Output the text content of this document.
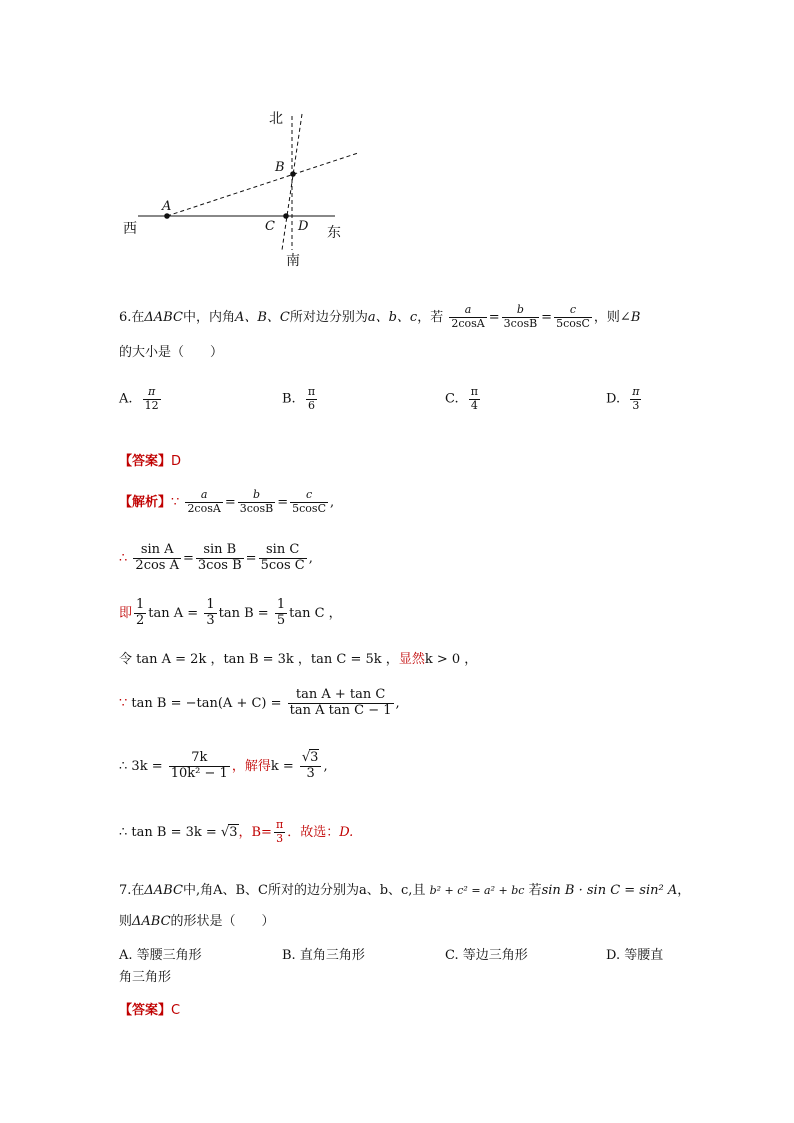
北
B
A
西	C D 东
南
6.在ΔABC中，内角A、B、C所对边分别为a、b、c，若 $\frac{a}{2\cos A} = \frac{b}{3\cos B} = \frac{c}{5\cos C}$ ，则∠B
的大小是（　　）
A. $\frac{\pi}{12}$	B. $\frac{\pi}{6}$	C. $\frac{\pi}{4}$	D. $\frac{\pi}{3}$
【答案】D
【解析】∵ $\frac{a}{2\cos A} = \frac{b}{3\cos B} = \frac{c}{5\cos C}$ ,
∴ $\frac{\text{sin A}}{\text{2cos A}} = \frac{\text{sin B}}{\text{3cos B}} = \frac{\text{sin C}}{\text{5cos C}}$ ,
即 $\frac{1}{2}$ $\tan A = \frac{1}{3}$ $\tan B = \frac{1}{5}$ tan C ，
令 tan A = 2k ，tan B = 3k ，tan C = 5k ，显然k > 0 ，
∵ $\tan B = -\tan(A + C) = \frac{\text{tan A + tan C}}{\text{tan A tan C − 1}}$ ,
∴ $3k = \frac{7k}{\text{10k² − 1}}$ ，解得$k = \frac{√3}{3}$ ,
∴ tan B = 3k = √3，$B= \frac{\pi}{3}$ ．故选：D.
7.在ΔABC中,角A、B、C所对的边分别为a、b、c,且 b² + c² = a² + bc 若sin B · sin C = sin² A，
则ΔABC的形状是（　　）
A. 等腰三角形	B. 直角三角形	C. 等边三角形	D. 等腰直
角三角形
【答案】C
